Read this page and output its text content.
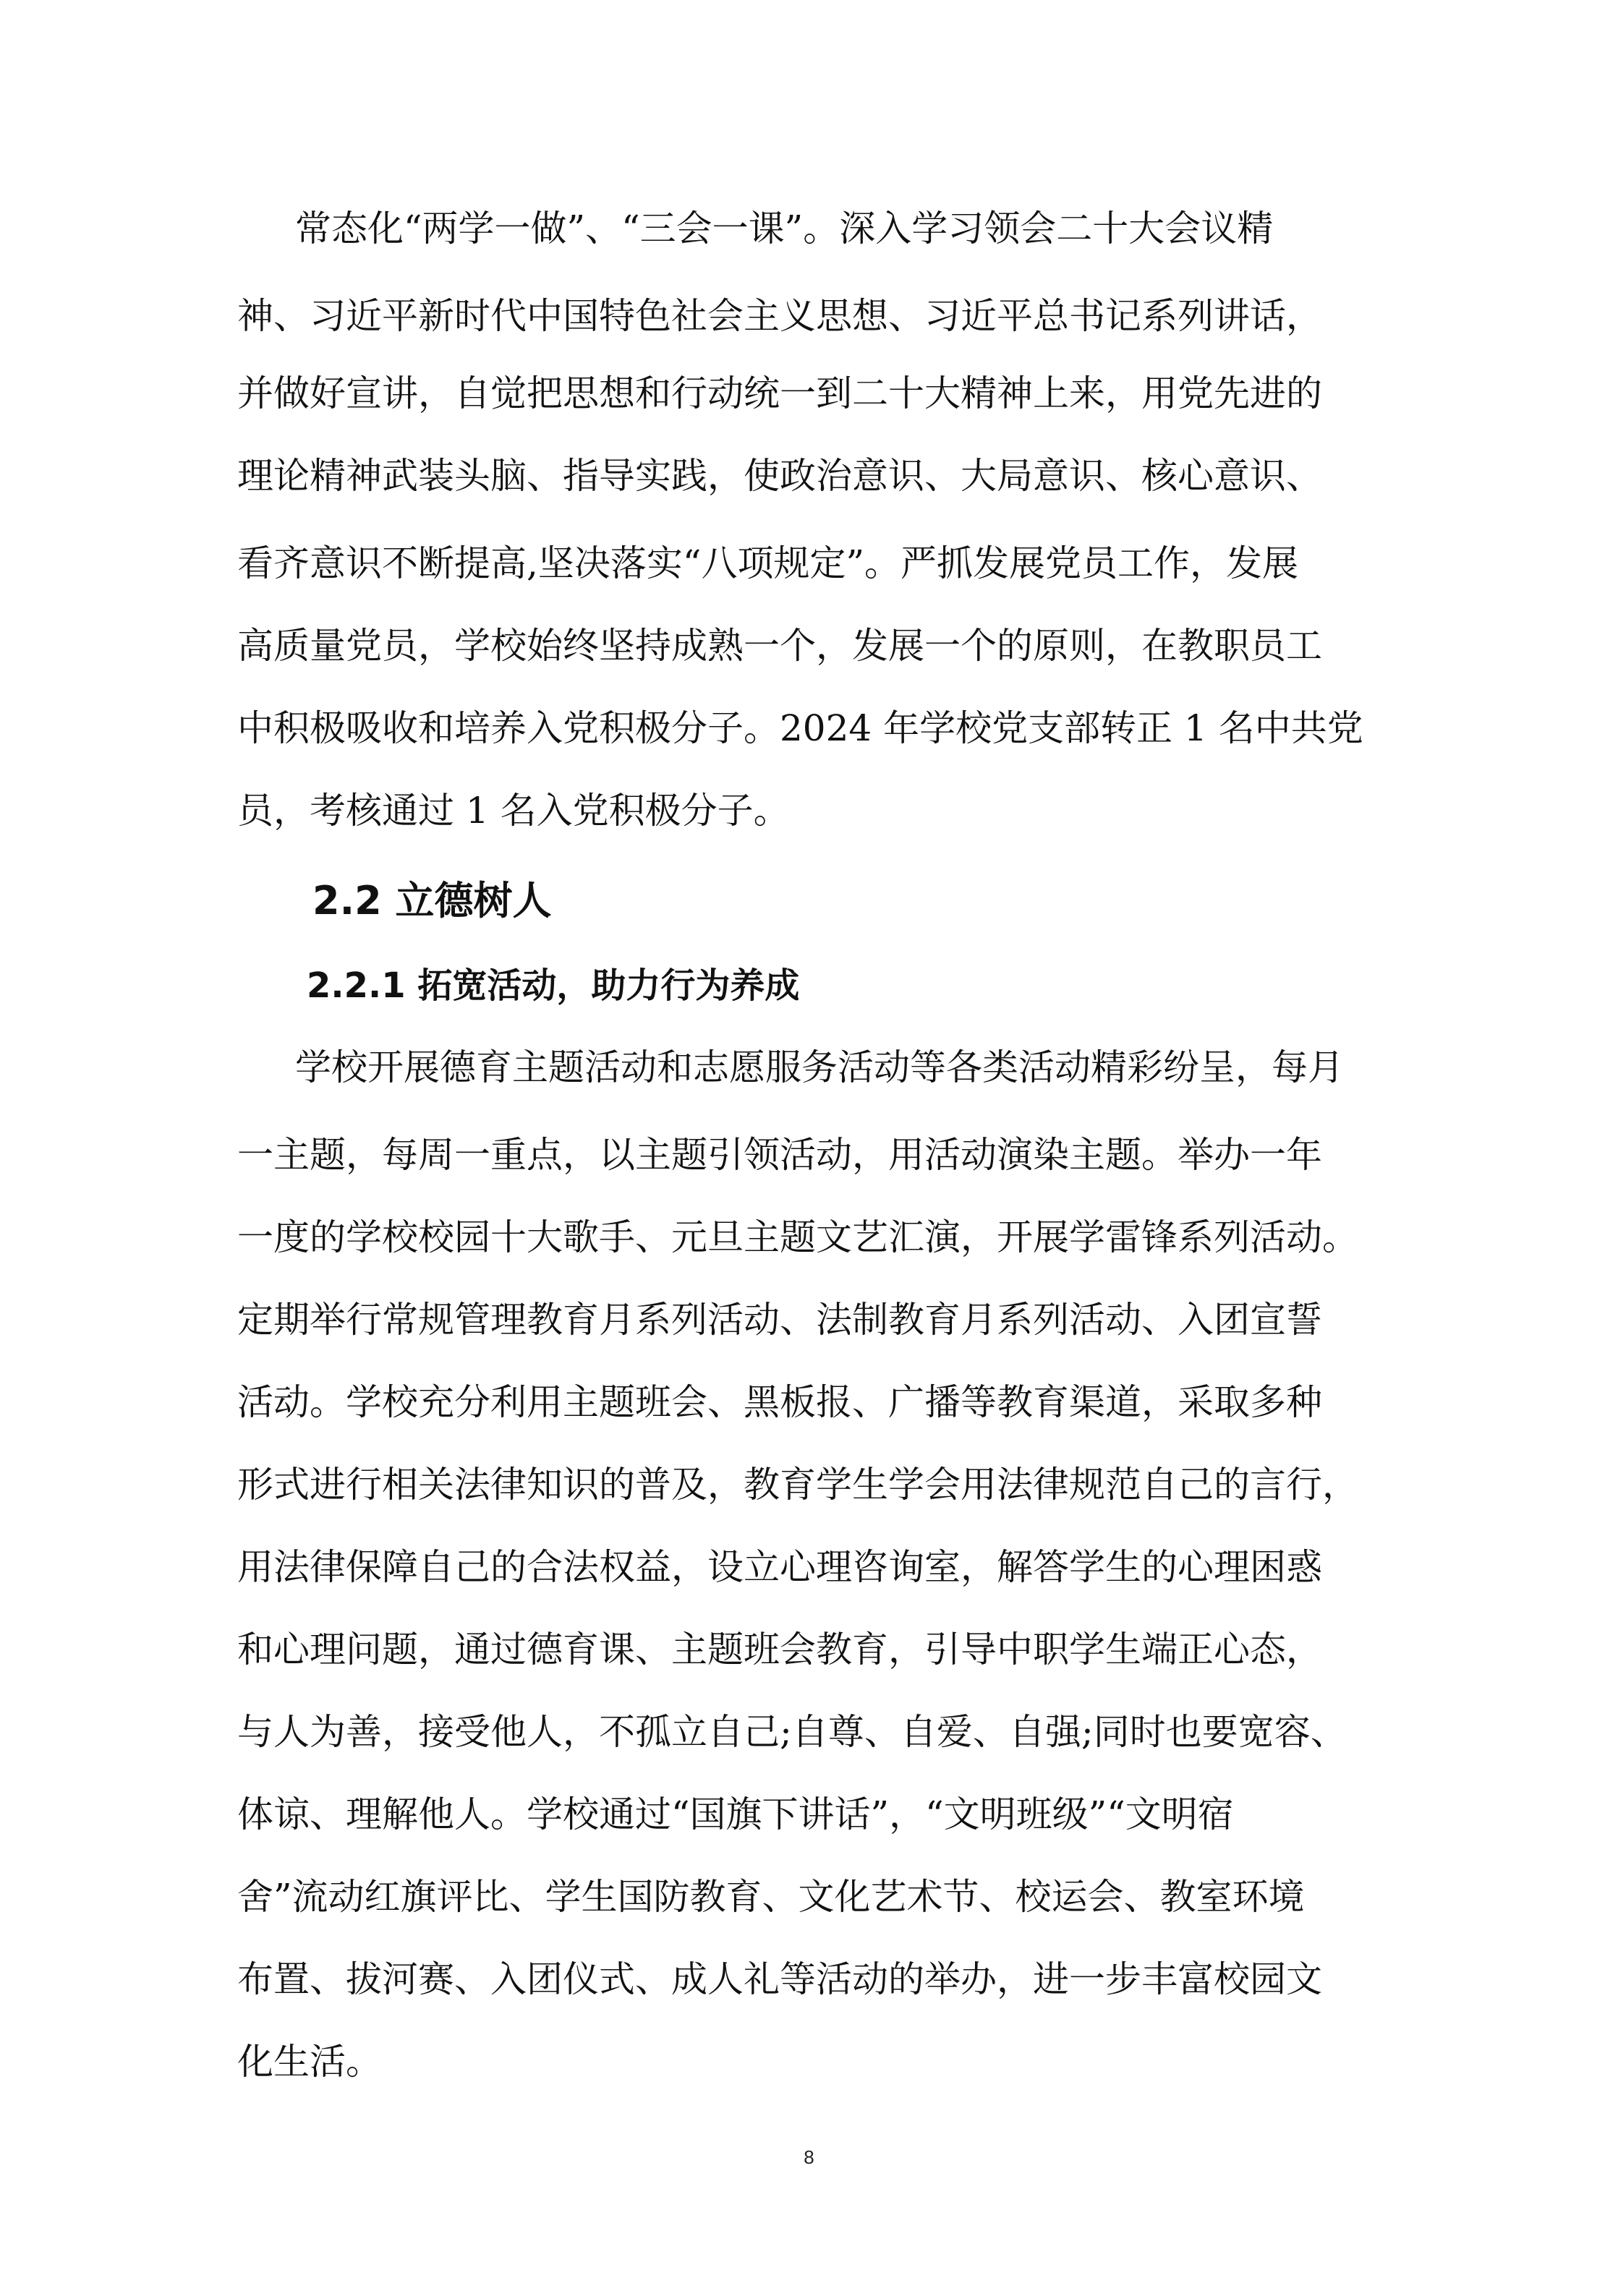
常态化“两学一做”、“三会一课”。深入学习领会二十大会议精
神、习近平新时代中国特色社会主义思想、习近平总书记系列讲话，
并做好宣讲，自觉把思想和行动统一到二十大精神上来，用党先进的
理论精神武装头脑、指导实践，使政治意识、大局意识、核心意识、
看齐意识不断提高,坚决落实“八项规定”。严抓发展党员工作，发展
高质量党员，学校始终坚持成熟一个，发展一个的原则，在教职员工
中积极吸收和培养入党积极分子。2024 年学校党支部转正 1 名中共党
员，考核通过 1 名入党积极分子。
2.2 立德树人
2.2.1 拓宽活动，助力行为养成
学校开展德育主题活动和志愿服务活动等各类活动精彩纷呈，每月
一主题，每周一重点，以主题引领活动，用活动演染主题。举办一年
一度的学校校园十大歌手、元旦主题文艺汇演，开展学雷锋系列活动。
定期举行常规管理教育月系列活动、法制教育月系列活动、入团宣誓
活动。学校充分利用主题班会、黑板报、广播等教育渠道，采取多种
形式进行相关法律知识的普及，教育学生学会用法律规范自己的言行，
用法律保障自己的合法权益，设立心理咨询室，解答学生的心理困惑
和心理问题，通过德育课、主题班会教育，引导中职学生端正心态，
与人为善，接受他人，不孤立自己;自尊、自爱、自强;同时也要宽容、
体谅、理解他人。学校通过“国旗下讲话”，“文明班级”“文明宿
舍”流动红旗评比、学生国防教育、文化艺术节、校运会、教室环境
布置、拔河赛、入团仪式、成人礼等活动的举办，进一步丰富校园文
化生活。
8
